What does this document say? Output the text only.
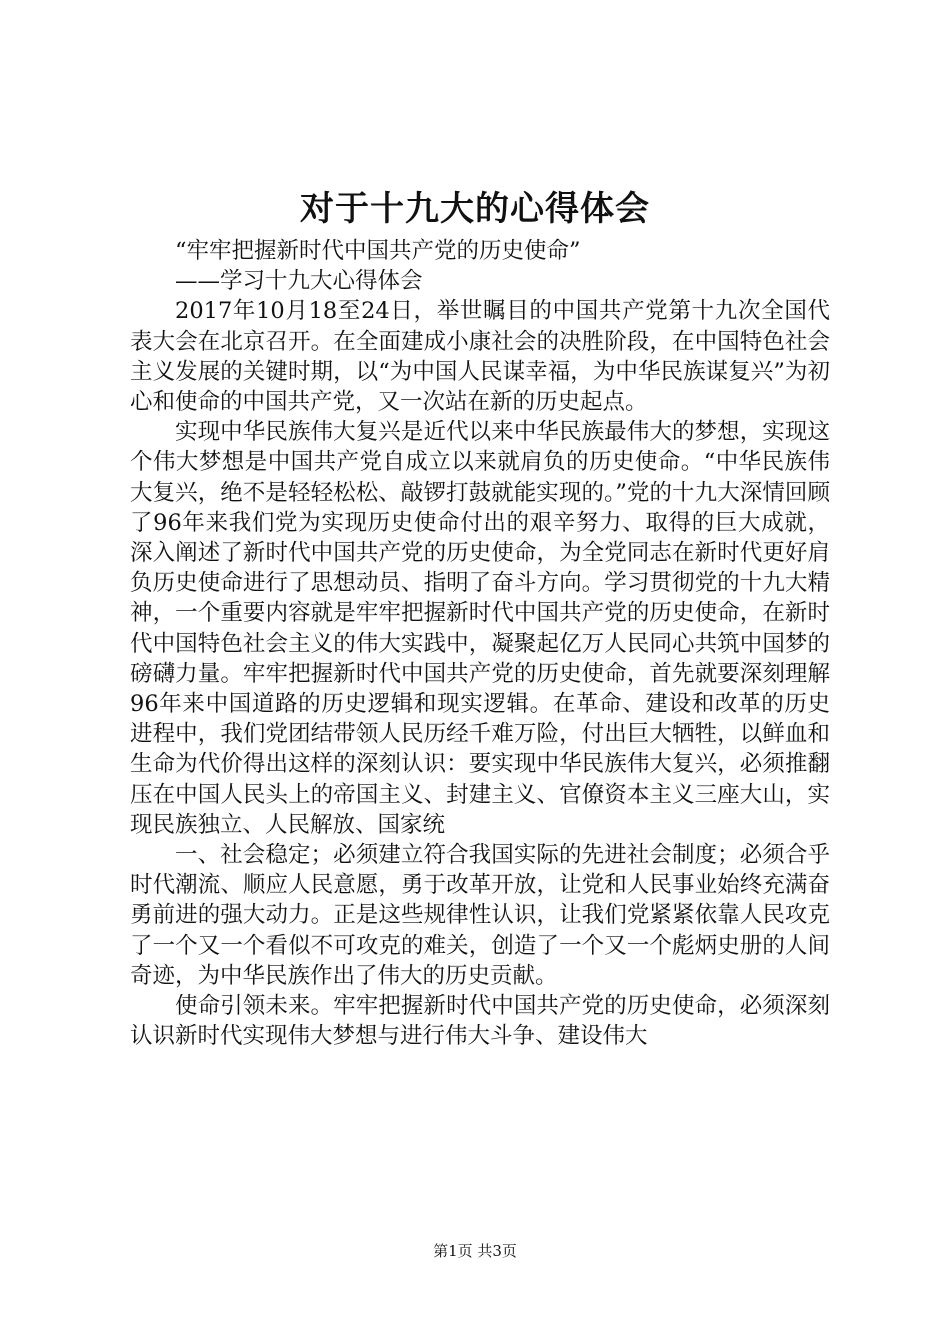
对于十九大的心得体会

“牢牢把握新时代中国共产党的历史使命”

——学习十九大心得体会

2017年10月18至24日，举世瞩目的中国共产党第十九次全国代表大会在北京召开。在全面建成小康社会的决胜阶段，在中国特色社会主义发展的关键时期，以“为中国人民谋幸福，为中华民族谋复兴”为初心和使命的中国共产党，又一次站在新的历史起点。

实现中华民族伟大复兴是近代以来中华民族最伟大的梦想，实现这个伟大梦想是中国共产党自成立以来就肩负的历史使命。“中华民族伟大复兴，绝不是轻轻松松、敲锣打鼓就能实现的。”党的十九大深情回顾了96年来我们党为实现历史使命付出的艰辛努力、取得的巨大成就，深入阐述了新时代中国共产党的历史使命，为全党同志在新时代更好肩负历史使命进行了思想动员、指明了奋斗方向。学习贯彻党的十九大精神，一个重要内容就是牢牢把握新时代中国共产党的历史使命，在新时代中国特色社会主义的伟大实践中，凝聚起亿万人民同心共筑中国梦的磅礴力量。牢牢把握新时代中国共产党的历史使命，首先就要深刻理解96年来中国道路的历史逻辑和现实逻辑。在革命、建设和改革的历史进程中，我们党团结带领人民历经千难万险，付出巨大牺牲，以鲜血和生命为代价得出这样的深刻认识：要实现中华民族伟大复兴，必须推翻压在中国人民头上的帝国主义、封建主义、官僚资本主义三座大山，实现民族独立、人民解放、国家统

一、社会稳定；必须建立符合我国实际的先进社会制度；必须合乎时代潮流、顺应人民意愿，勇于改革开放，让党和人民事业始终充满奋勇前进的强大动力。正是这些规律性认识，让我们党紧紧依靠人民攻克了一个又一个看似不可攻克的难关，创造了一个又一个彪炳史册的人间奇迹，为中华民族作出了伟大的历史贡献。

使命引领未来。牢牢把握新时代中国共产党的历史使命，必须深刻认识新时代实现伟大梦想与进行伟大斗争、建设伟大

第1页 共3页
